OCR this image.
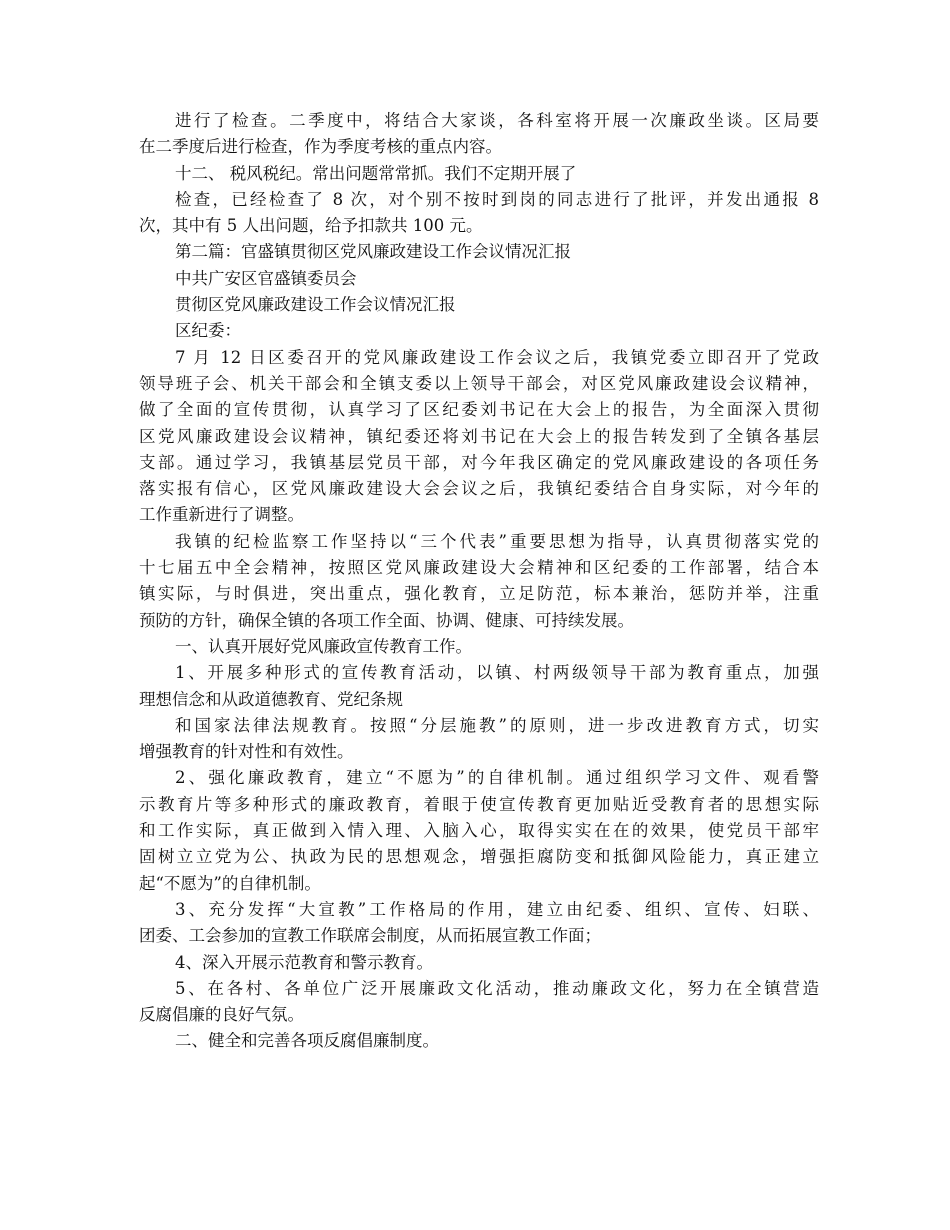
进行了检查。二季度中，将结合大家谈，各科室将开展一次廉政坐谈。区局要
在二季度后进行检查，作为季度考核的重点内容。
十二、 税风税纪。常出问题常常抓。我们不定期开展了
检查，已经检查了 8 次，对个别不按时到岗的同志进行了批评，并发出通报 8
次，其中有 5 人出问题，给予扣款共 100 元。
第二篇：官盛镇贯彻区党风廉政建设工作会议情况汇报
中共广安区官盛镇委员会
贯彻区党风廉政建设工作会议情况汇报
区纪委：
7 月 12 日区委召开的党风廉政建设工作会议之后，我镇党委立即召开了党政
领导班子会、机关干部会和全镇支委以上领导干部会，对区党风廉政建设会议精神，
做了全面的宣传贯彻，认真学习了区纪委刘书记在大会上的报告，为全面深入贯彻
区党风廉政建设会议精神，镇纪委还将刘书记在大会上的报告转发到了全镇各基层
支部。通过学习，我镇基层党员干部，对今年我区确定的党风廉政建设的各项任务
落实报有信心，区党风廉政建设大会会议之后，我镇纪委结合自身实际，对今年的
工作重新进行了调整。
我镇的纪检监察工作坚持以“三个代表”重要思想为指导，认真贯彻落实党的
十七届五中全会精神，按照区党风廉政建设大会精神和区纪委的工作部署，结合本
镇实际，与时俱进，突出重点，强化教育，立足防范，标本兼治，惩防并举，注重
预防的方针，确保全镇的各项工作全面、协调、健康、可持续发展。
一、认真开展好党风廉政宣传教育工作。
1、开展多种形式的宣传教育活动，以镇、村两级领导干部为教育重点，加强
理想信念和从政道德教育、党纪条规
和国家法律法规教育。按照“分层施教”的原则，进一步改进教育方式，切实
增强教育的针对性和有效性。
2、强化廉政教育，建立“不愿为”的自律机制。通过组织学习文件、观看警
示教育片等多种形式的廉政教育，着眼于使宣传教育更加贴近受教育者的思想实际
和工作实际，真正做到入情入理、入脑入心，取得实实在在的效果，使党员干部牢
固树立立党为公、执政为民的思想观念，增强拒腐防变和抵御风险能力，真正建立
起“不愿为”的自律机制。
3、充分发挥“大宣教”工作格局的作用，建立由纪委、组织、宣传、妇联、
团委、工会参加的宣教工作联席会制度，从而拓展宣教工作面；
4、深入开展示范教育和警示教育。
5、在各村、各单位广泛开展廉政文化活动，推动廉政文化，努力在全镇营造
反腐倡廉的良好气氛。
二、健全和完善各项反腐倡廉制度。
